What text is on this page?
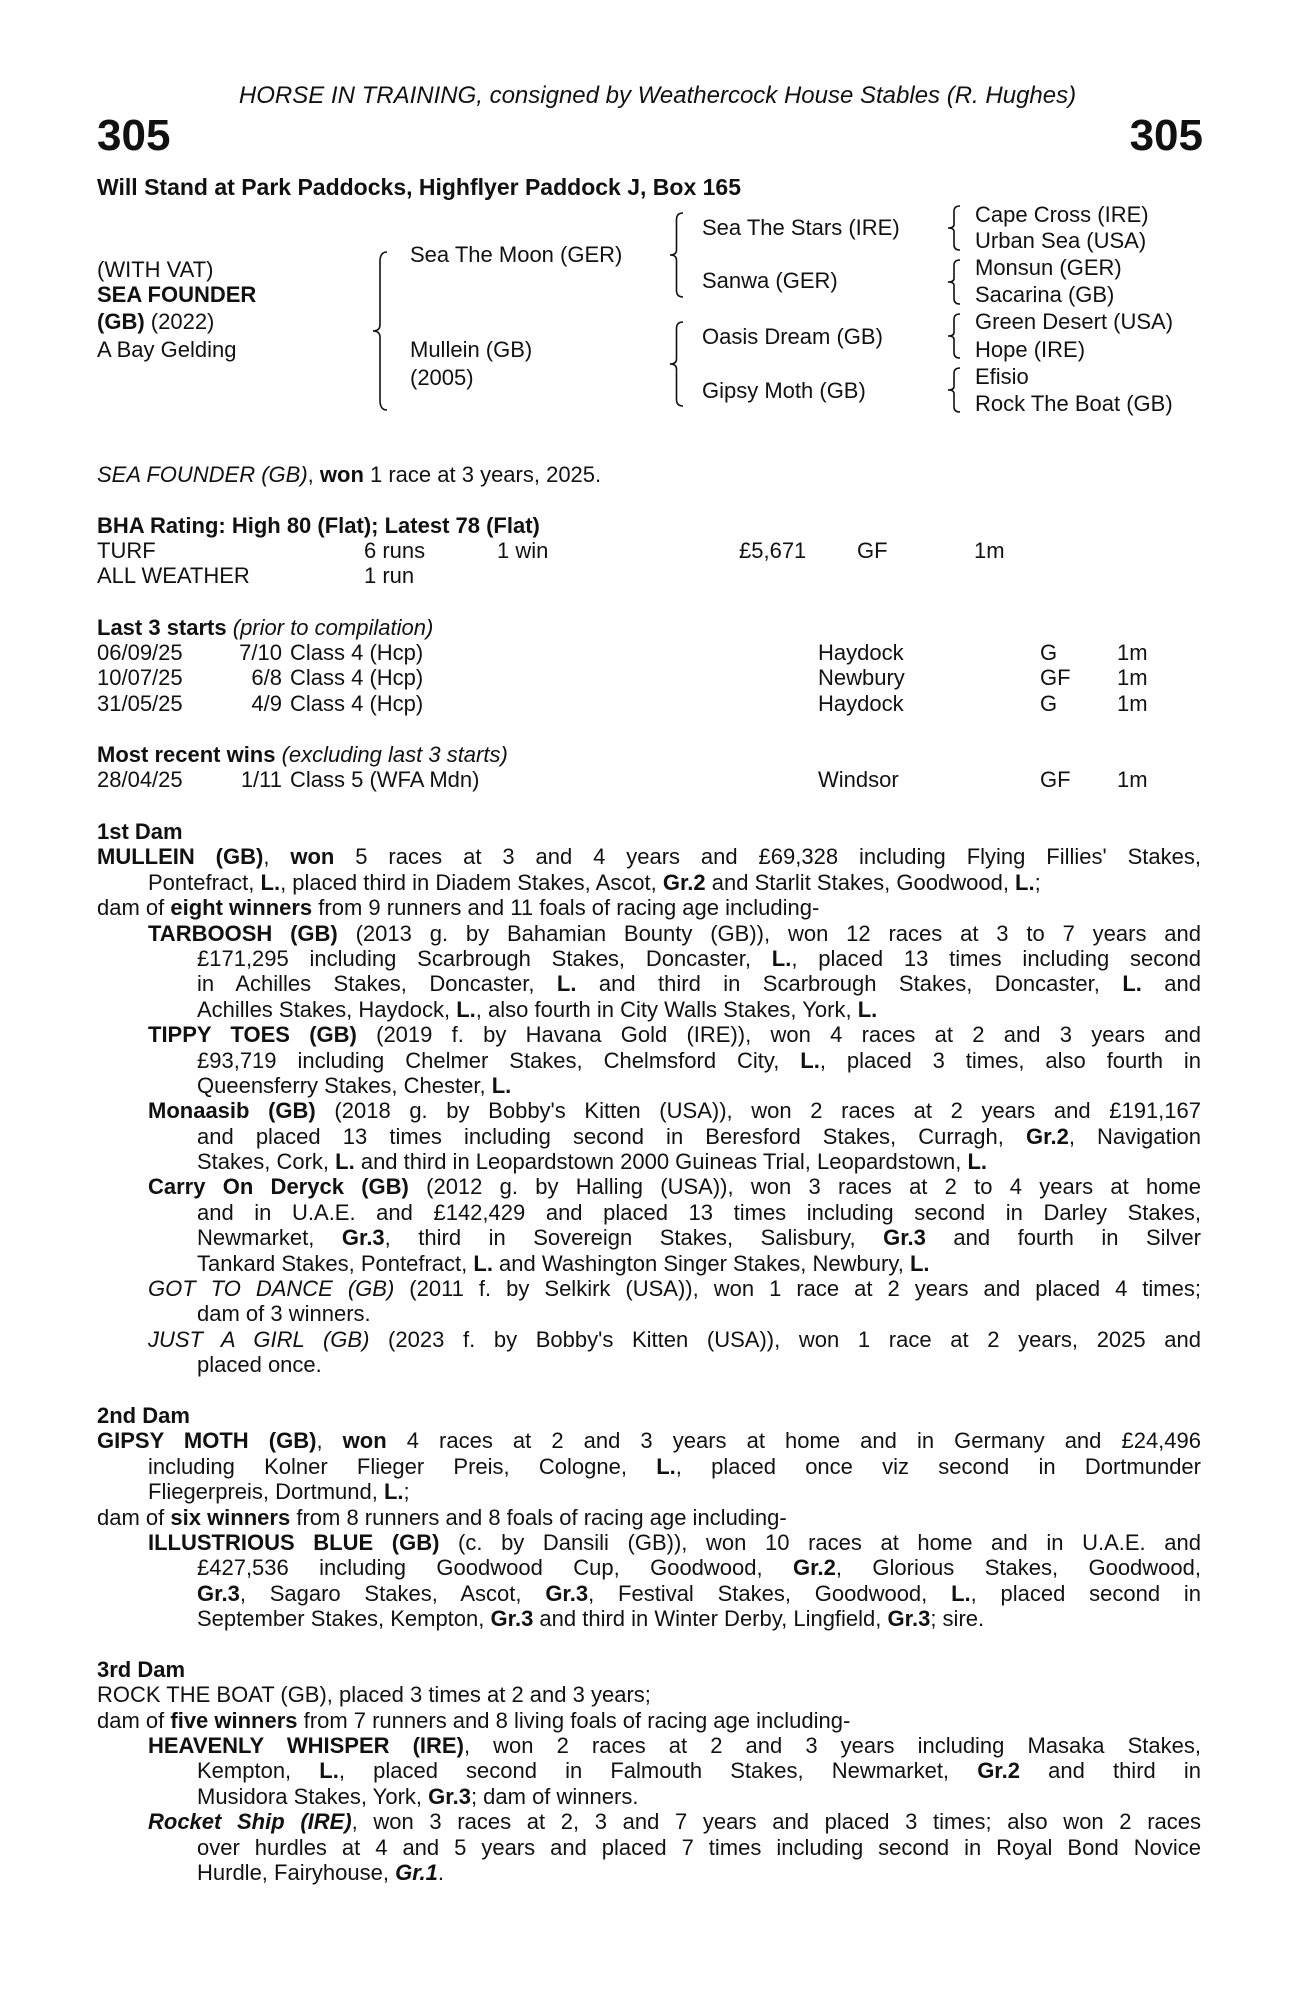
HORSE IN TRAINING, consigned by Weathercock House Stables (R. Hughes)
305	305
Will Stand at Park Paddocks, Highflyer Paddock J, Box 165
(WITH VAT)
SEA FOUNDER
(GB) (2022)
A Bay Gelding
Sea The Moon (GER)
Mullein (GB)
(2005)
Sea The Stars (IRE)
Sanwa (GER)
Oasis Dream (GB)
Gipsy Moth (GB)
Cape Cross (IRE)
Urban Sea (USA)
Monsun (GER)
Sacarina (GB)
Green Desert (USA)
Hope (IRE)
Efisio
Rock The Boat (GB)
SEA FOUNDER (GB), won 1 race at 3 years, 2025.
BHA Rating: High 80 (Flat); Latest 78 (Flat)
TURF	6 runs	1 win	£5,671 GF	1m
ALL WEATHER	1 run
Last 3 starts (prior to compilation)
06/09/25	7/10 Class 4 (Hcp)	Haydock	G	1m
10/07/25	6/8 Class 4 (Hcp)	Newbury	GF 1m
31/05/25	4/9 Class 4 (Hcp)	Haydock	G	1m
Most recent wins (excluding last 3 starts)
28/04/25	1/11 Class 5 (WFA Mdn)	Windsor	GF 1m
1st Dam
MULLEIN (GB), won 5 races at 3 and 4 years and £69,328 including Flying Fillies' Stakes,
Pontefract, L., placed third in Diadem Stakes, Ascot, Gr.2 and Starlit Stakes, Goodwood, L.;
dam of eight winners from 9 runners and 11 foals of racing age including-
TARBOOSH (GB) (2013 g. by Bahamian Bounty (GB)), won 12 races at 3 to 7 years and
£171,295 including Scarbrough Stakes, Doncaster, L., placed 13 times including second
in Achilles Stakes, Doncaster, L. and third in Scarbrough Stakes, Doncaster, L. and
Achilles Stakes, Haydock, L., also fourth in City Walls Stakes, York, L.
TIPPY TOES (GB) (2019 f. by Havana Gold (IRE)), won 4 races at 2 and 3 years and
£93,719 including Chelmer Stakes, Chelmsford City, L., placed 3 times, also fourth in
Queensferry Stakes, Chester, L.
Monaasib (GB) (2018 g. by Bobby's Kitten (USA)), won 2 races at 2 years and £191,167
and placed 13 times including second in Beresford Stakes, Curragh, Gr.2, Navigation
Stakes, Cork, L. and third in Leopardstown 2000 Guineas Trial, Leopardstown, L.
Carry On Deryck (GB) (2012 g. by Halling (USA)), won 3 races at 2 to 4 years at home
and in U.A.E. and £142,429 and placed 13 times including second in Darley Stakes,
Newmarket, Gr.3, third in Sovereign Stakes, Salisbury, Gr.3 and fourth in Silver
Tankard Stakes, Pontefract, L. and Washington Singer Stakes, Newbury, L.
GOT TO DANCE (GB) (2011 f. by Selkirk (USA)), won 1 race at 2 years and placed 4 times;
dam of 3 winners.
JUST A GIRL (GB) (2023 f. by Bobby's Kitten (USA)), won 1 race at 2 years, 2025 and
placed once.
2nd Dam
GIPSY MOTH (GB), won 4 races at 2 and 3 years at home and in Germany and £24,496
including Kolner Flieger Preis, Cologne, L., placed once viz second in Dortmunder
Fliegerpreis, Dortmund, L.;
dam of six winners from 8 runners and 8 foals of racing age including-
ILLUSTRIOUS BLUE (GB) (c. by Dansili (GB)), won 10 races at home and in U.A.E. and
£427,536 including Goodwood Cup, Goodwood, Gr.2, Glorious Stakes, Goodwood,
Gr.3, Sagaro Stakes, Ascot, Gr.3, Festival Stakes, Goodwood, L., placed second in
September Stakes, Kempton, Gr.3 and third in Winter Derby, Lingfield, Gr.3; sire.
3rd Dam
ROCK THE BOAT (GB), placed 3 times at 2 and 3 years;
dam of five winners from 7 runners and 8 living foals of racing age including-
HEAVENLY WHISPER (IRE), won 2 races at 2 and 3 years including Masaka Stakes,
Kempton, L., placed second in Falmouth Stakes, Newmarket, Gr.2 and third in
Musidora Stakes, York, Gr.3; dam of winners.
Rocket Ship (IRE), won 3 races at 2, 3 and 7 years and placed 3 times; also won 2 races
over hurdles at 4 and 5 years and placed 7 times including second in Royal Bond Novice
Hurdle, Fairyhouse, Gr.1.
